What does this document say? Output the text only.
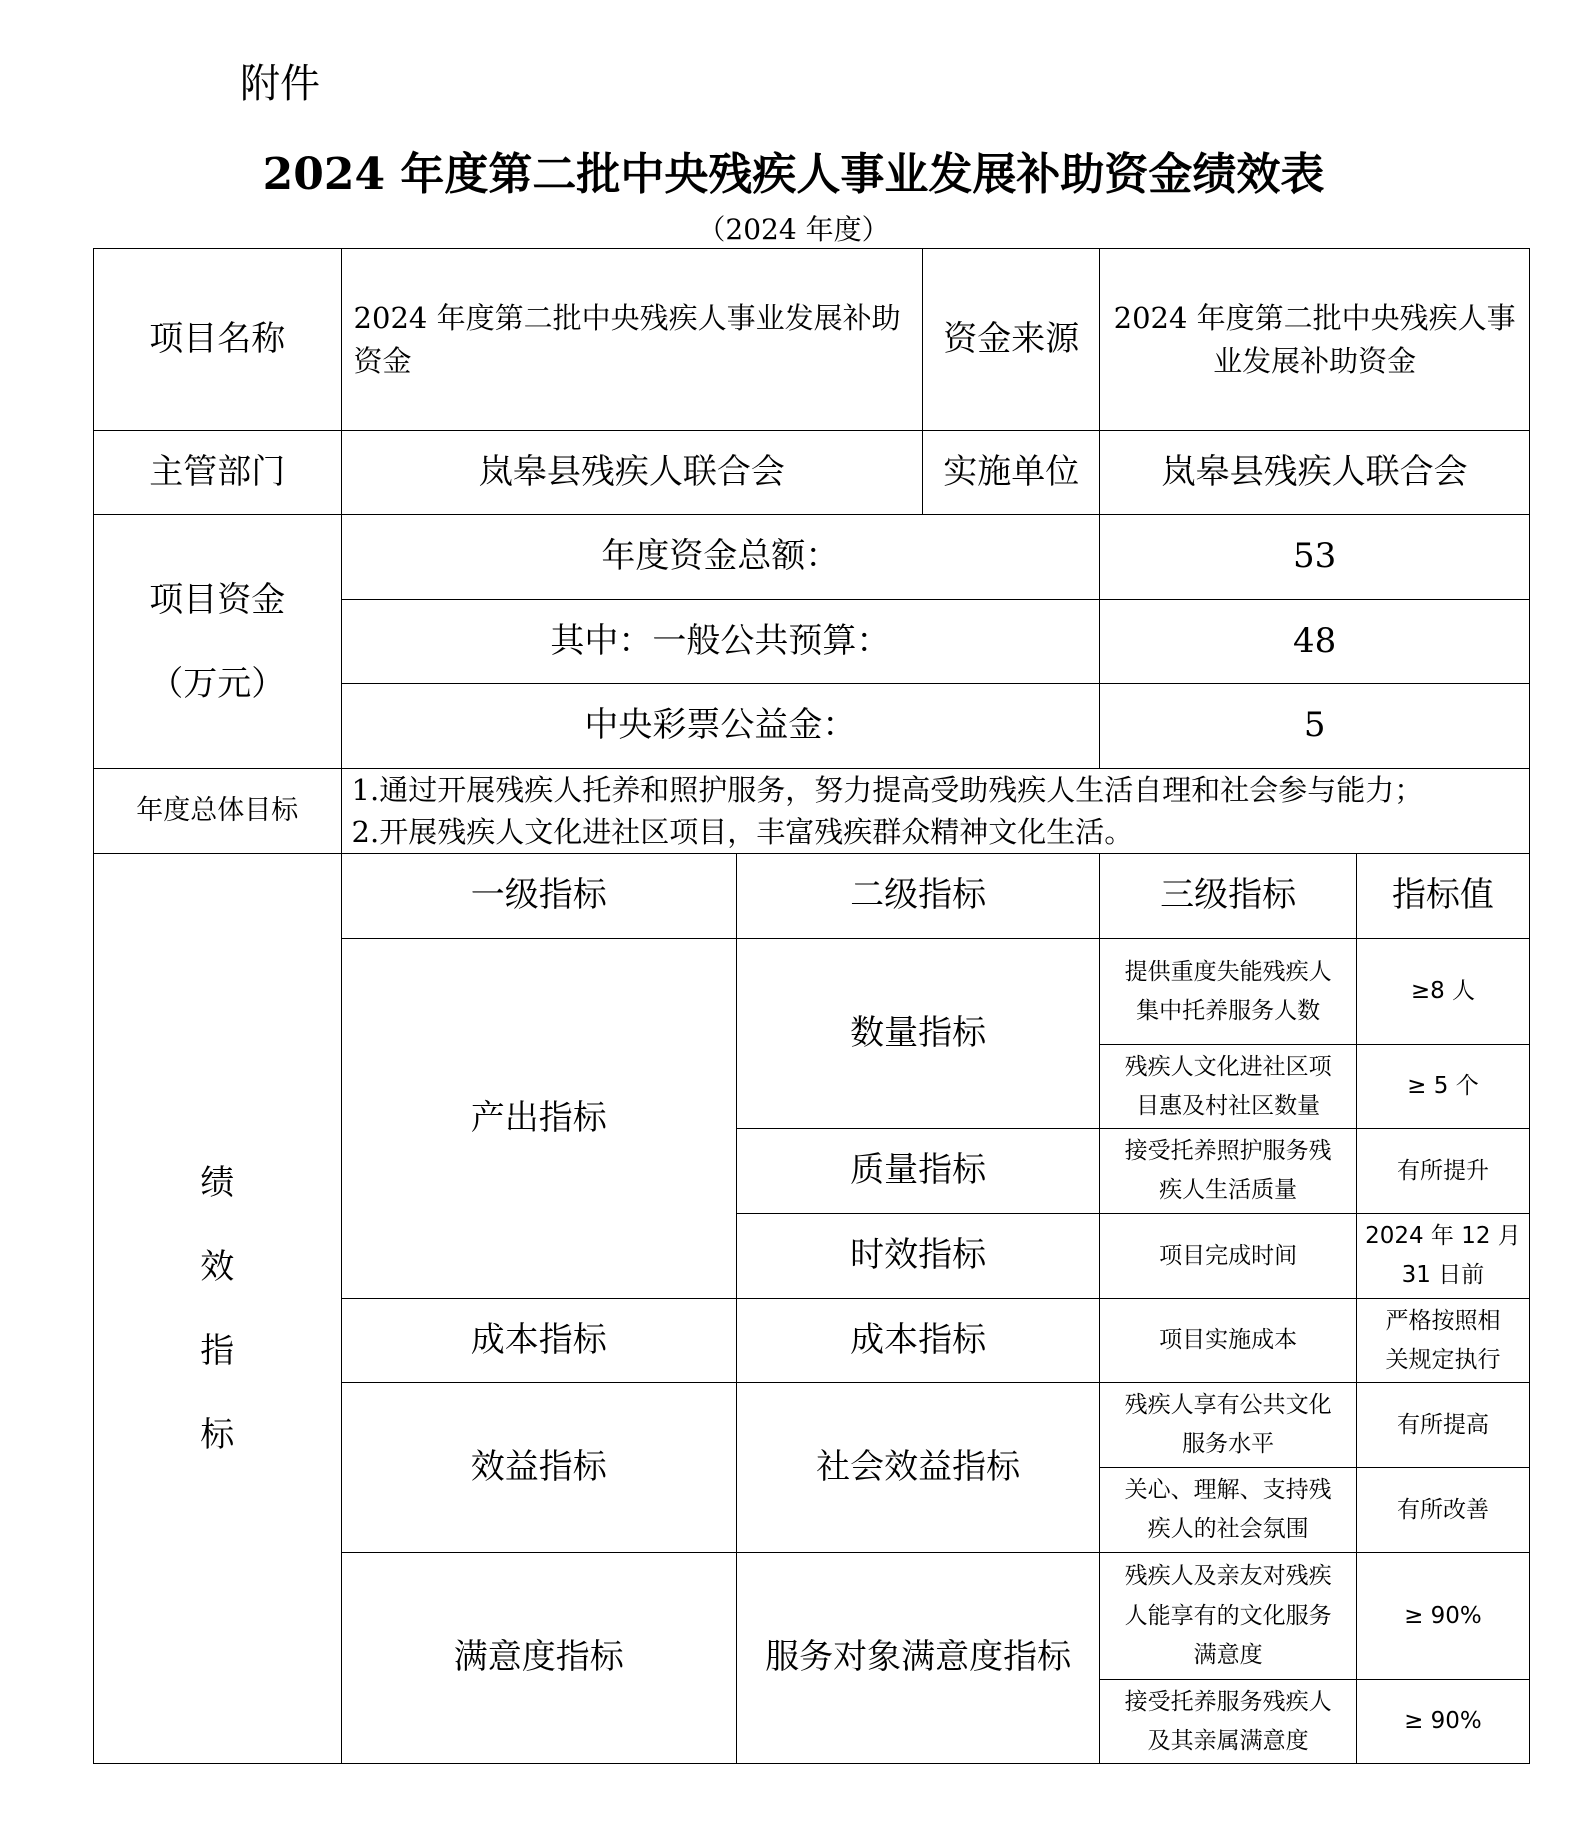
附件
2024 年度第二批中央残疾人事业发展补助资金绩效表
（2024 年度）
项目名称	2024 年度第二批中央残疾人事业发展补助资金		资金来源	2024 年度第二批中央残疾人事业发展补助资金	
主管部门	岚皋县残疾人联合会		实施单位	岚皋县残疾人联合会	

项目资金
（万元）	年度资金总额：			53	
	其中：一般公共预算：			48	
	中央彩票公益金：			5	
年度总体目标	1.通过开展残疾人托养和照护服务，努力提高受助残疾人生活自理和社会参与能力；
2.开展残疾人文化进社区项目，丰富残疾群众精神文化生活。				

绩
效
指
标	一级指标	二级指标		三级指标	指标值
	产出指标	数量指标		提供重度失能残疾人
集中托养服务人数	≥8 人

				残疾人文化进社区项
目惠及村社区数量	≥ 5 个

		质量指标		接受托养照护服务残
疾人生活质量	有所提升

		时效指标		项目完成时间	2024 年 12 月
31 日前

	成本指标	成本指标		项目实施成本	严格按照相
关规定执行

	效益指标	社会效益指标		残疾人享有公共文化
服务水平	有所提高

				关心、理解、支持残
疾人的社会氛围	有所改善

	满意度指标	服务对象满意度指标		残疾人及亲友对残疾
人能享有的文化服务
满意度	≥ 90%

				接受托养服务残疾人
及其亲属满意度	≥ 90%
